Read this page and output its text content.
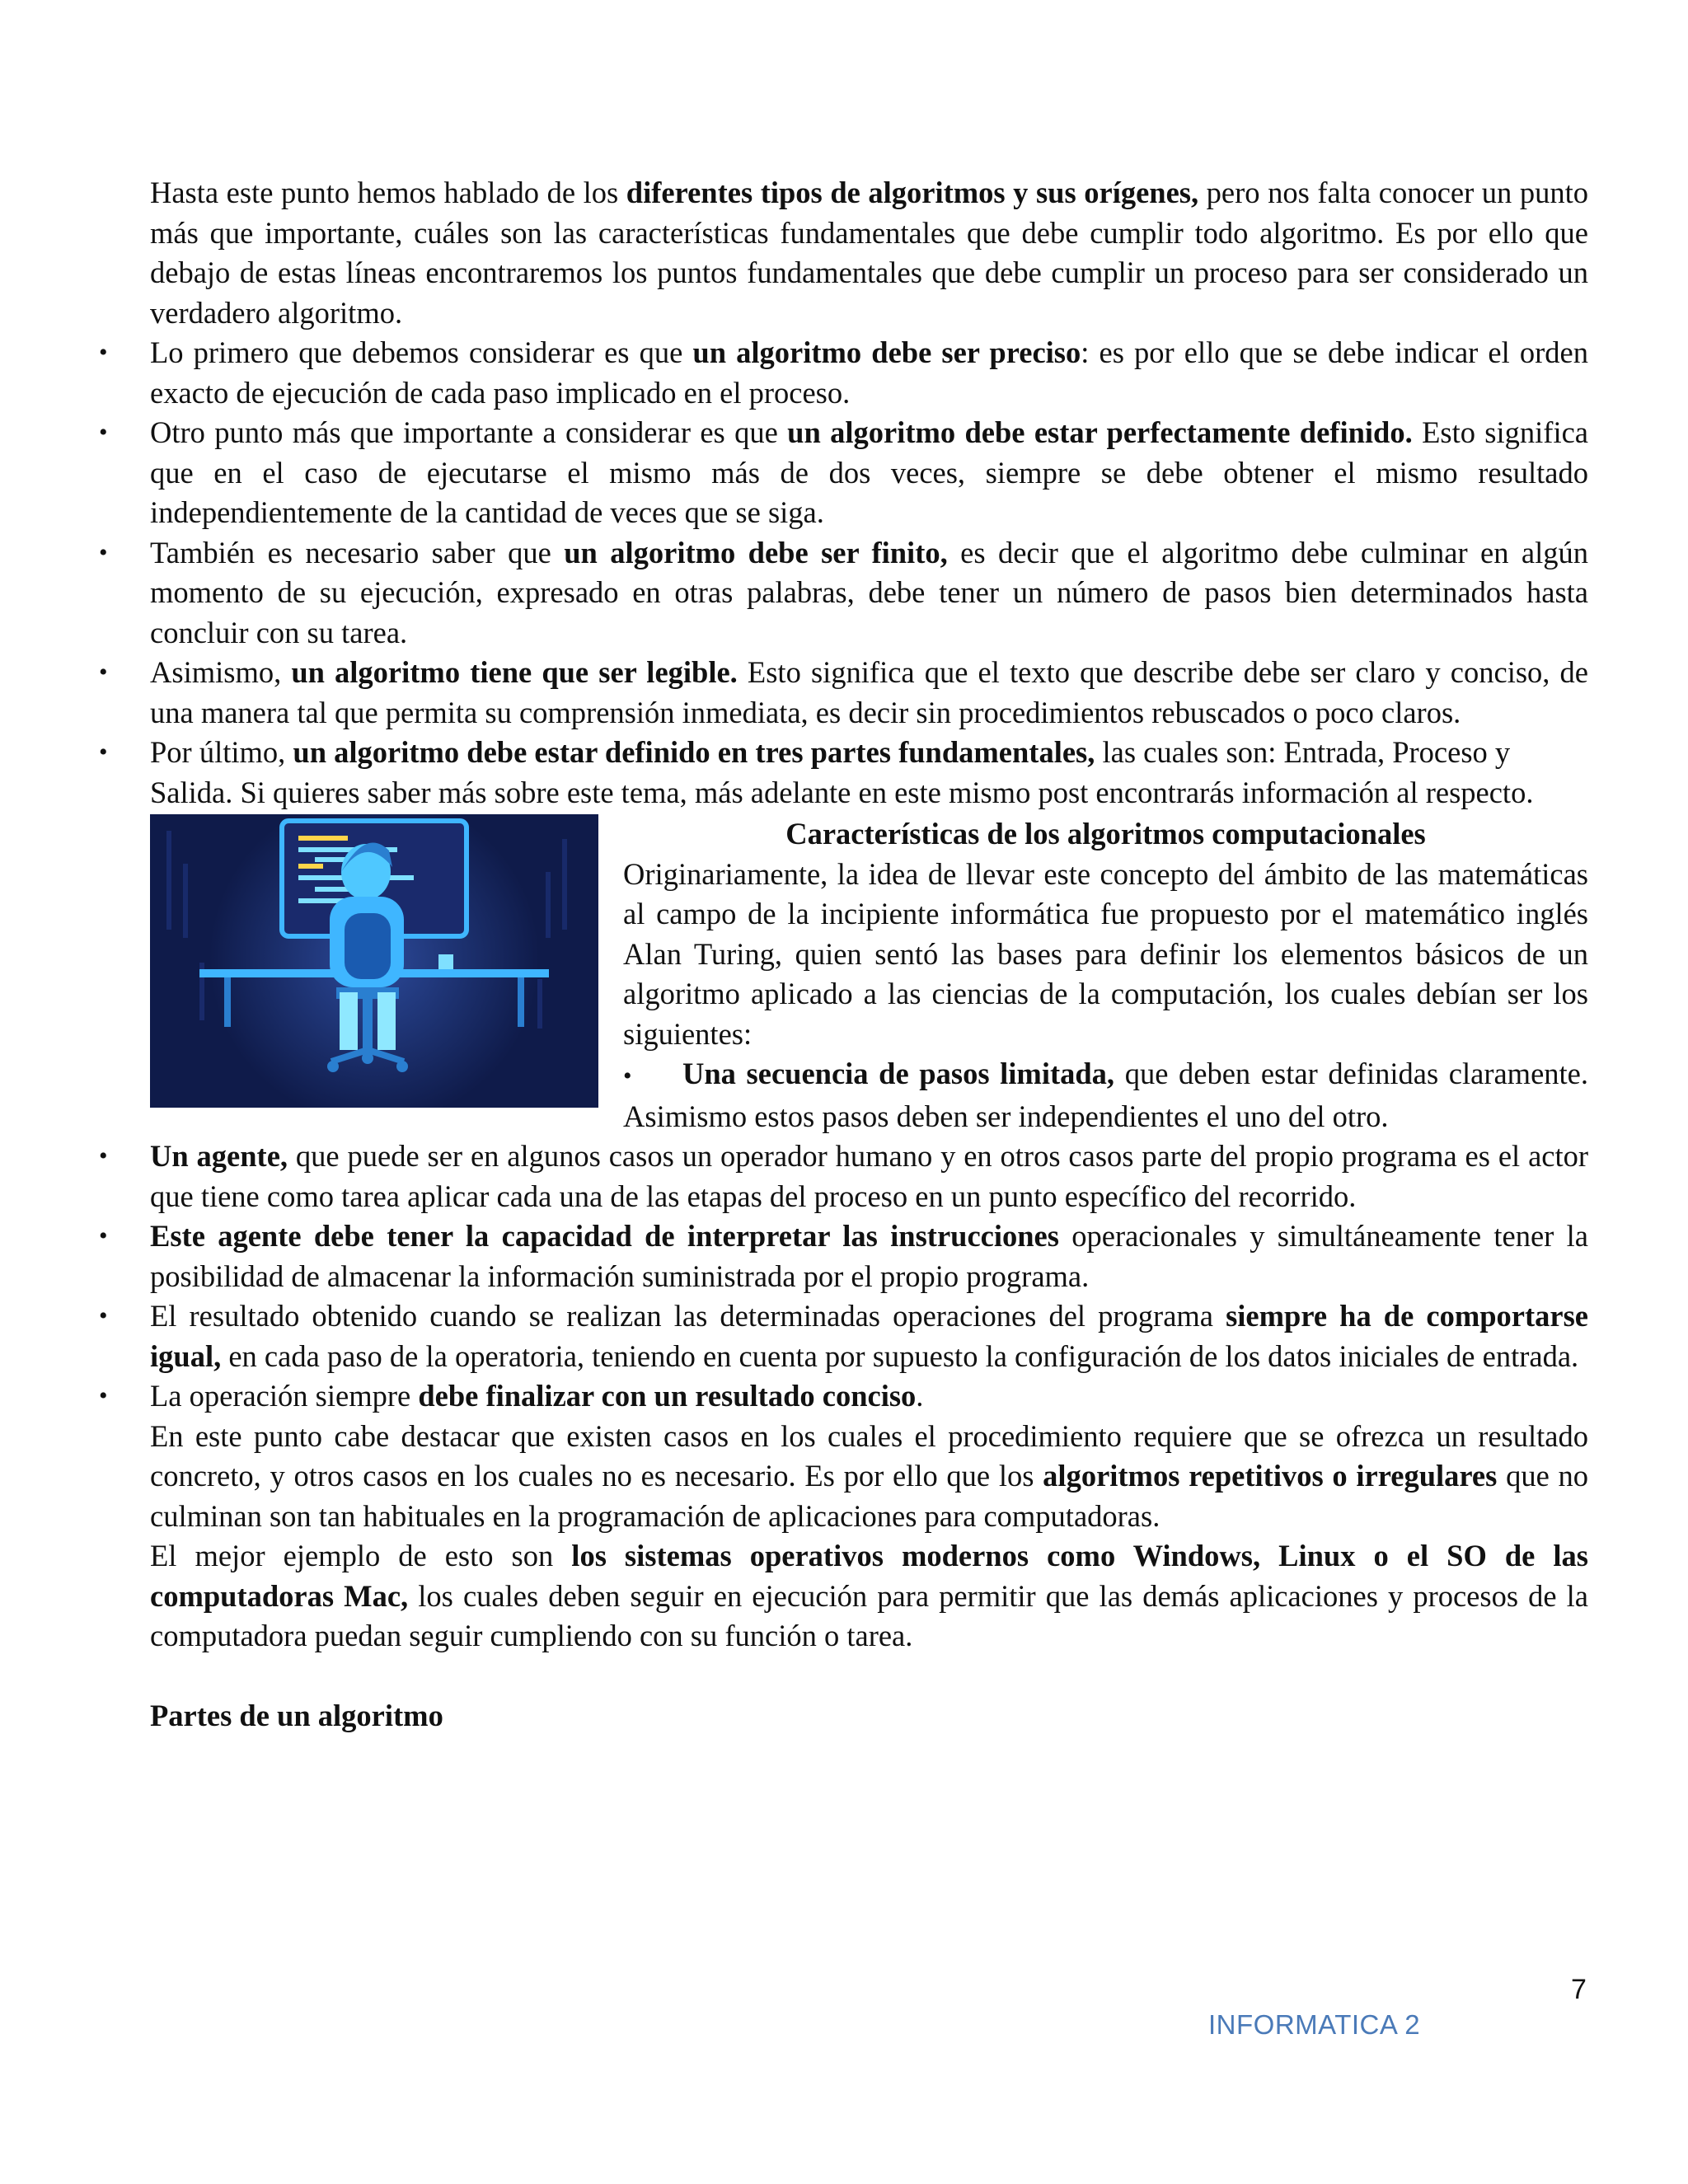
Hasta este punto hemos hablado de los diferentes tipos de algoritmos y sus orígenes, pero nos falta conocer un punto más que importante, cuáles son las características fundamentales que debe cumplir todo algoritmo. Es por ello que debajo de estas líneas encontraremos los puntos fundamentales que debe cumplir un proceso para ser considerado un verdadero algoritmo.

• Lo primero que debemos considerar es que un algoritmo debe ser preciso: es por ello que se debe indicar el orden exacto de ejecución de cada paso implicado en el proceso.
• Otro punto más que importante a considerar es que un algoritmo debe estar perfectamente definido. Esto significa que en el caso de ejecutarse el mismo más de dos veces, siempre se debe obtener el mismo resultado independientemente de la cantidad de veces que se siga.
• También es necesario saber que un algoritmo debe ser finito, es decir que el algoritmo debe culminar en algún momento de su ejecución, expresado en otras palabras, debe tener un número de pasos bien determinados hasta concluir con su tarea.
• Asimismo, un algoritmo tiene que ser legible. Esto significa que el texto que describe debe ser claro y conciso, de una manera tal que permita su comprensión inmediata, es decir sin procedimientos rebuscados o poco claros.
• Por último, un algoritmo debe estar definido en tres partes fundamentales, las cuales son: Entrada, Proceso y

Salida. Si quieres saber más sobre este tema, más adelante en este mismo post encontrarás información al respecto.

Características de los algoritmos computacionales

Originariamente, la idea de llevar este concepto del ámbito de las matemáticas al campo de la incipiente informática fue propuesto por el matemático inglés Alan Turing, quien sentó las bases para definir los elementos básicos de un algoritmo aplicado a las ciencias de la computación, los cuales debían ser los siguientes:

• Una secuencia de pasos limitada, que deben estar definidas claramente. Asimismo estos pasos deben ser independientes el uno del otro.

• Un agente, que puede ser en algunos casos un operador humano y en otros casos parte del propio programa es el actor que tiene como tarea aplicar cada una de las etapas del proceso en un punto específico del recorrido.
• Este agente debe tener la capacidad de interpretar las instrucciones operacionales y simultáneamente tener la posibilidad de almacenar la información suministrada por el propio programa.
• El resultado obtenido cuando se realizan las determinadas operaciones del programa siempre ha de comportarse igual, en cada paso de la operatoria, teniendo en cuenta por supuesto la configuración de los datos iniciales de entrada.
• La operación siempre debe finalizar con un resultado conciso.

En este punto cabe destacar que existen casos en los cuales el procedimiento requiere que se ofrezca un resultado concreto, y otros casos en los cuales no es necesario. Es por ello que los algoritmos repetitivos o irregulares que no culminan son tan habituales en la programación de aplicaciones para computadoras.

El mejor ejemplo de esto son los sistemas operativos modernos como Windows, Linux o el SO de las computadoras Mac, los cuales deben seguir en ejecución para permitir que las demás aplicaciones y procesos de la computadora puedan seguir cumpliendo con su función o tarea.

Partes de un algoritmo

7
INFORMATICA 2
